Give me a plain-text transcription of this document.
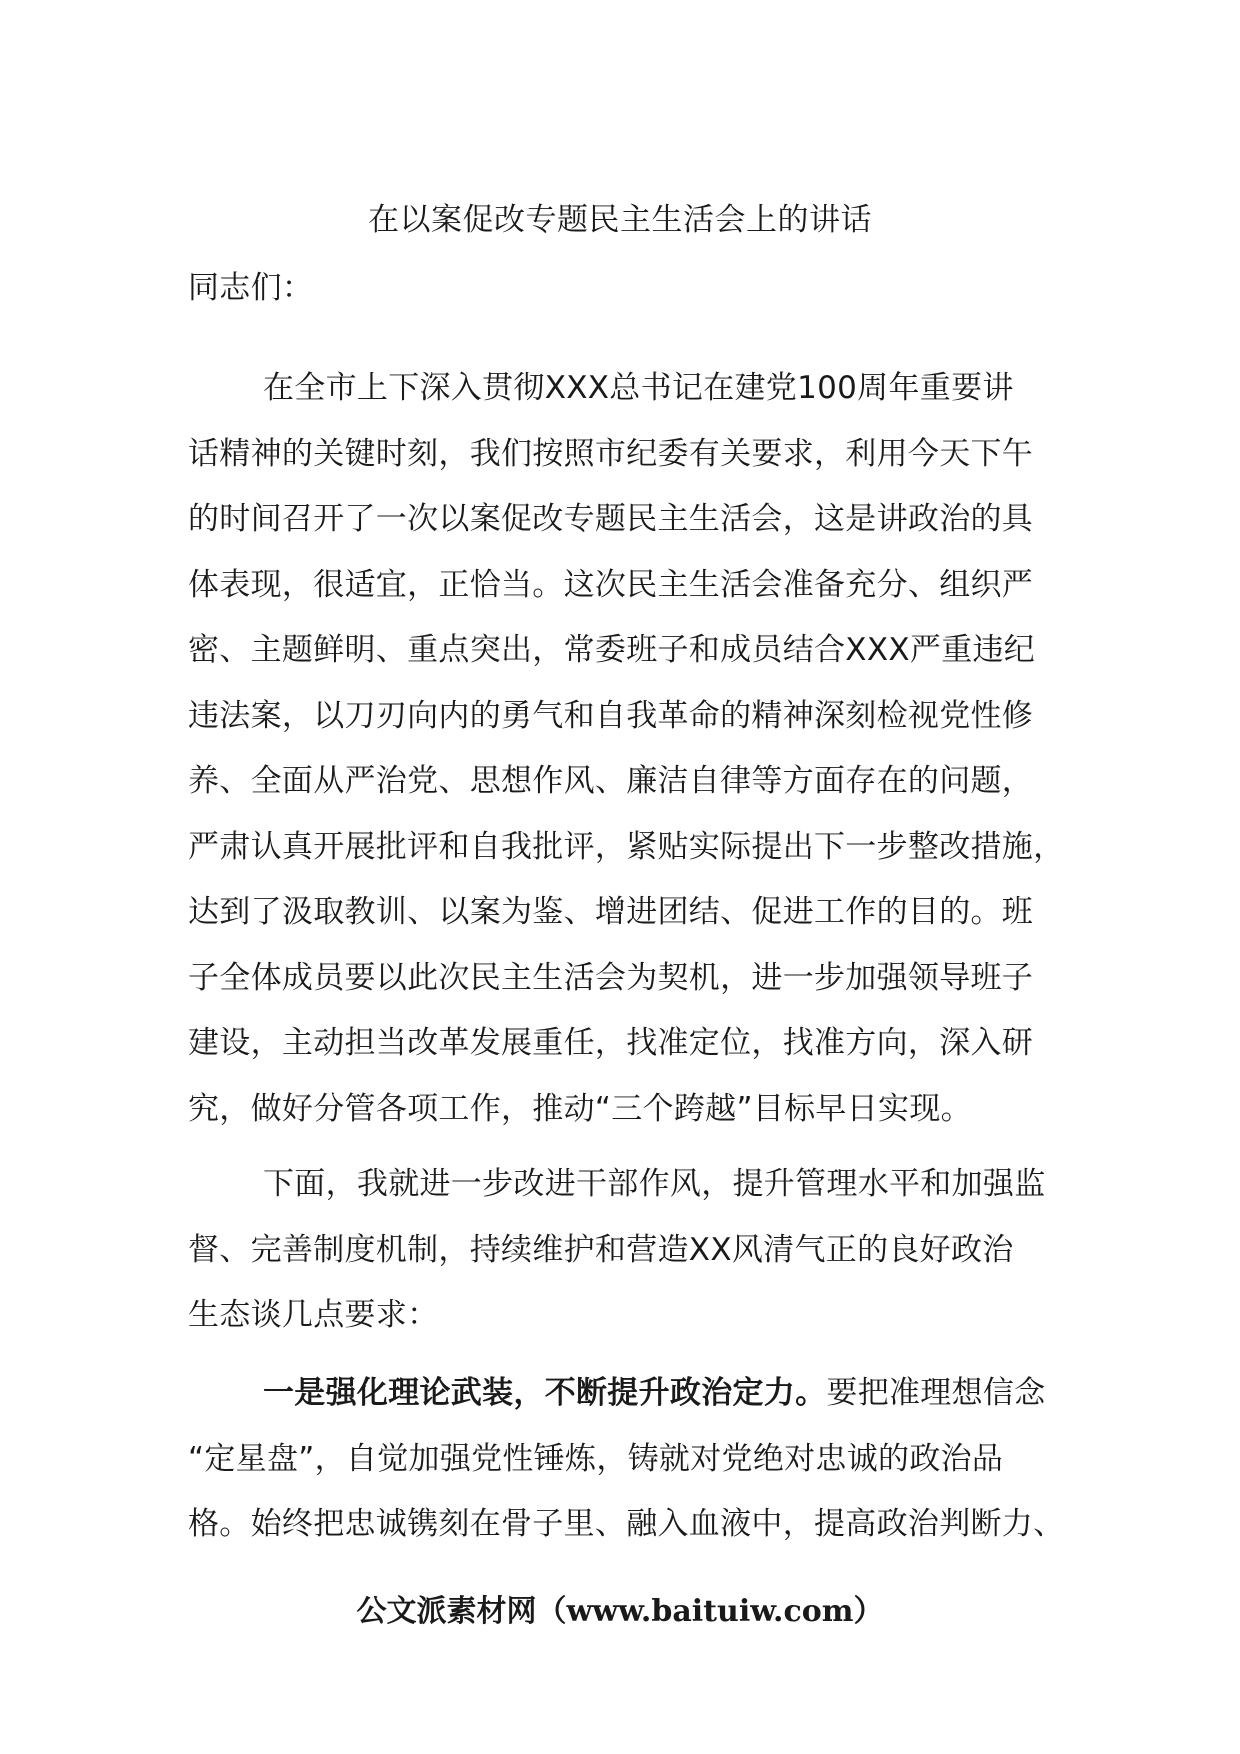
在以案促改专题民主生活会上的讲话
同志们：
在全市上下深入贯彻XXX总书记在建党100周年重要讲
话精神的关键时刻，我们按照市纪委有关要求，利用今天下午
的时间召开了一次以案促改专题民主生活会，这是讲政治的具
体表现，很适宜，正恰当。这次民主生活会准备充分、组织严
密、主题鲜明、重点突出，常委班子和成员结合XXX严重违纪
违法案，以刀刃向内的勇气和自我革命的精神深刻检视党性修
养、全面从严治党、思想作风、廉洁自律等方面存在的问题，
严肃认真开展批评和自我批评，紧贴实际提出下一步整改措施，
达到了汲取教训、以案为鉴、增进团结、促进工作的目的。班
子全体成员要以此次民主生活会为契机，进一步加强领导班子
建设，主动担当改革发展重任，找准定位，找准方向，深入研
究，做好分管各项工作，推动“三个跨越”目标早日实现。
下面，我就进一步改进干部作风，提升管理水平和加强监
督、完善制度机制，持续维护和营造XX风清气正的良好政治
生态谈几点要求：
一是强化理论武装，不断提升政治定力。要把准理想信念
“定星盘”，自觉加强党性锤炼，铸就对党绝对忠诚的政治品
格。始终把忠诚镌刻在骨子里、融入血液中，提高政治判断力、
公文派素材网（www.baituiw.com）
